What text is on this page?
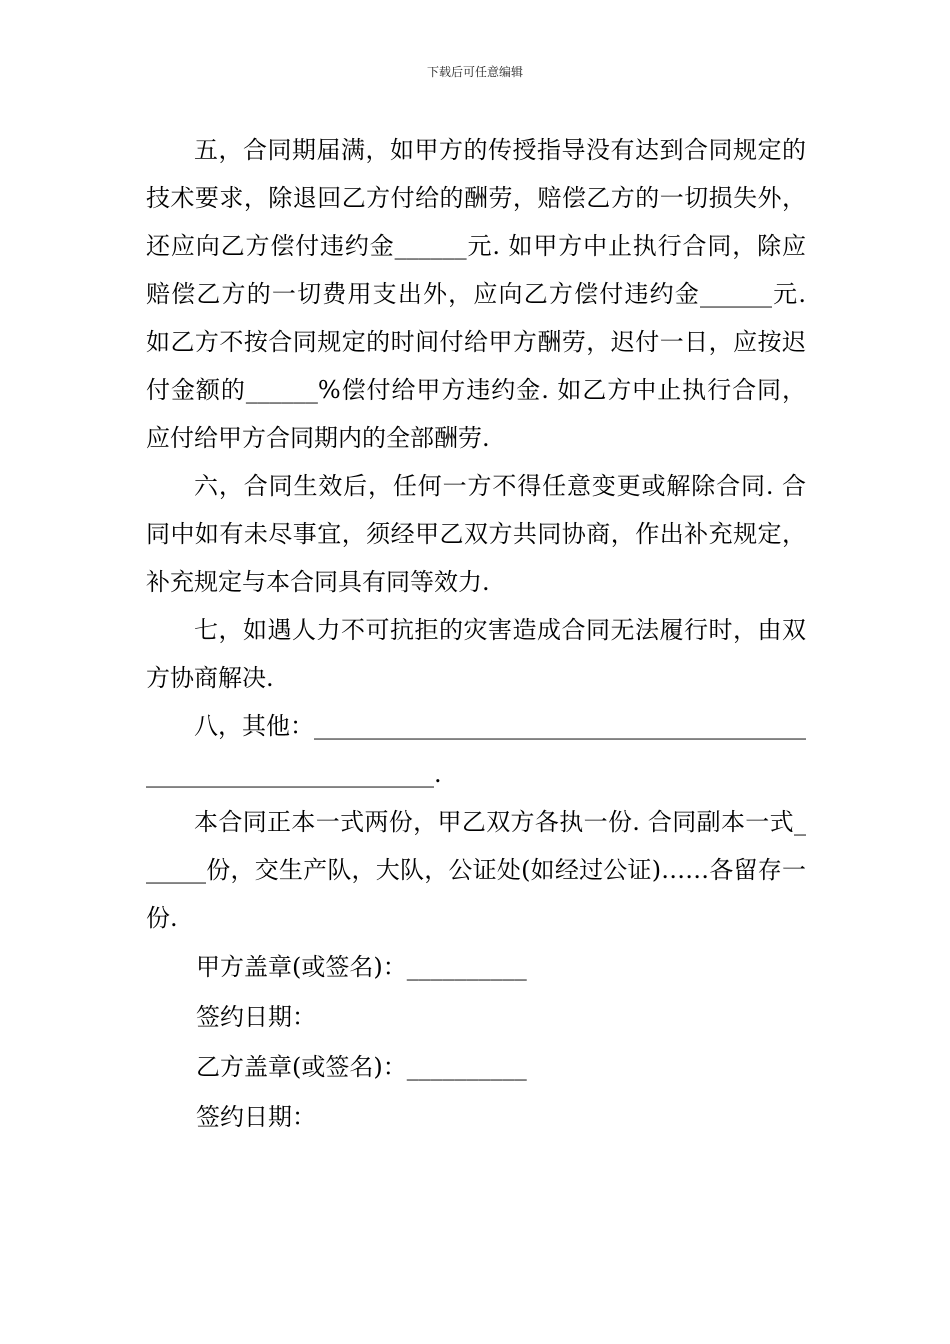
下载后可任意编辑

五，合同期届满，如甲方的传授指导没有达到合同规定的技术要求，除退回乙方付给的酬劳，赔偿乙方的一切损失外，还应向乙方偿付违约金______元. 如甲方中止执行合同，除应赔偿乙方的一切费用支出外，应向乙方偿付违约金______元. 如乙方不按合同规定的时间付给甲方酬劳，迟付一日，应按迟付金额的______%偿付给甲方违约金. 如乙方中止执行合同，应付给甲方合同期内的全部酬劳.

六，合同生效后，任何一方不得任意变更或解除合同. 合同中如有未尽事宜，须经甲乙双方共同协商，作出补充规定，补充规定与本合同具有同等效力.

七，如遇人力不可抗拒的灾害造成合同无法履行时，由双方协商解决.

八，其他：_________________________________________________________________.

本合同正本一式两份，甲乙双方各执一份. 合同副本一式______份，交生产队，大队，公证处(如经过公证)……各留存一份.

甲方盖章(或签名)：__________

签约日期：

乙方盖章(或签名)：__________

签约日期：
